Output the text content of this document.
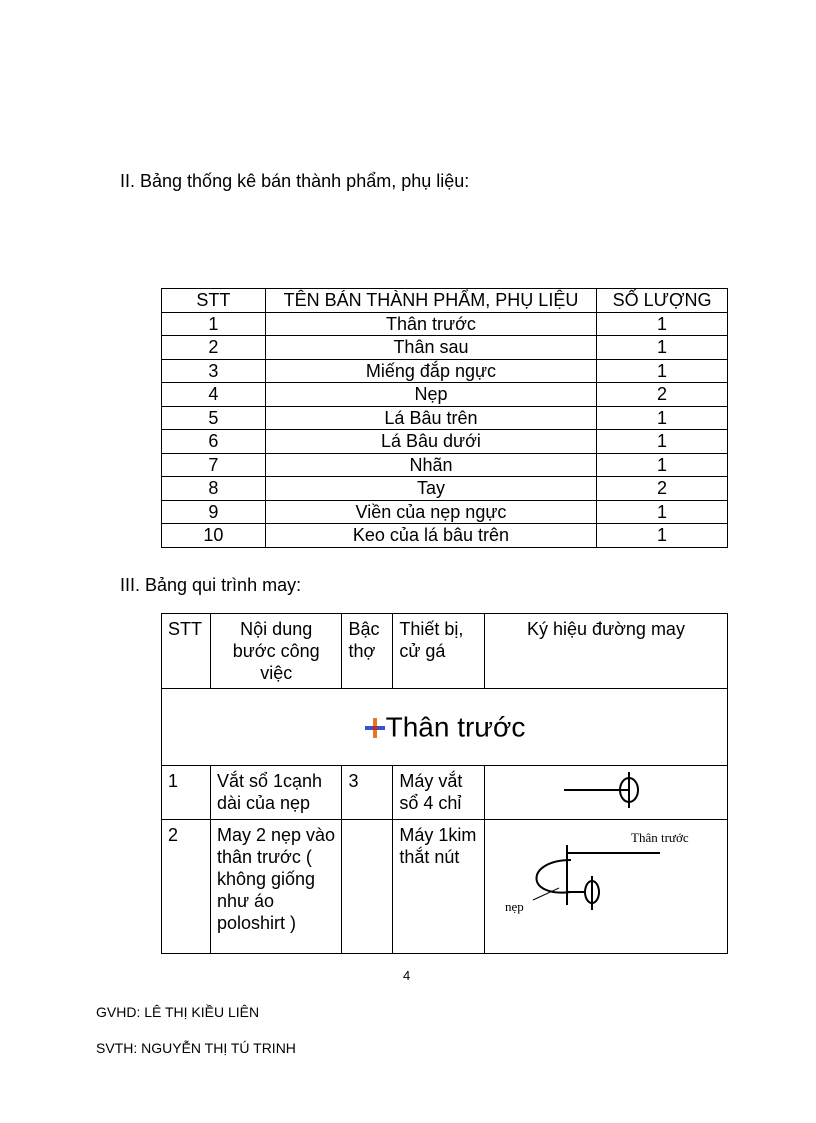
II. Bảng thống kê bán thành phẩm, phụ liệu:
STT	TÊN BÁN THÀNH PHẨM, PHỤ LIỆU	SỐ LƯỢNG
1	Thân trước	1
2	Thân sau	1
3	Miếng đắp ngực	1
4	Nẹp	2
5	Lá Bâu trên	1
6	Lá Bâu dưới	1
7	Nhãn	1
8	Tay	2
9	Viền của nẹp ngực	1
10	Keo của lá bâu trên	1
III. Bảng qui trình may:
STT	Nội dung bước công việc	Bậc thợ	Thiết bị, cử gá	Ký hiệu đường may
Thân trước				
1	Vắt sổ 1cạnh dài của nẹp	3	Máy vắt sổ 4 chỉ	
2	May 2 nẹp vào thân trước ( không giống như áo poloshirt )		Máy 1kim thắt nút	Thân trước
nẹp
4
GVHD: LÊ THỊ KIỀU LIÊN
SVTH: NGUYỄN THỊ TÚ TRINH
